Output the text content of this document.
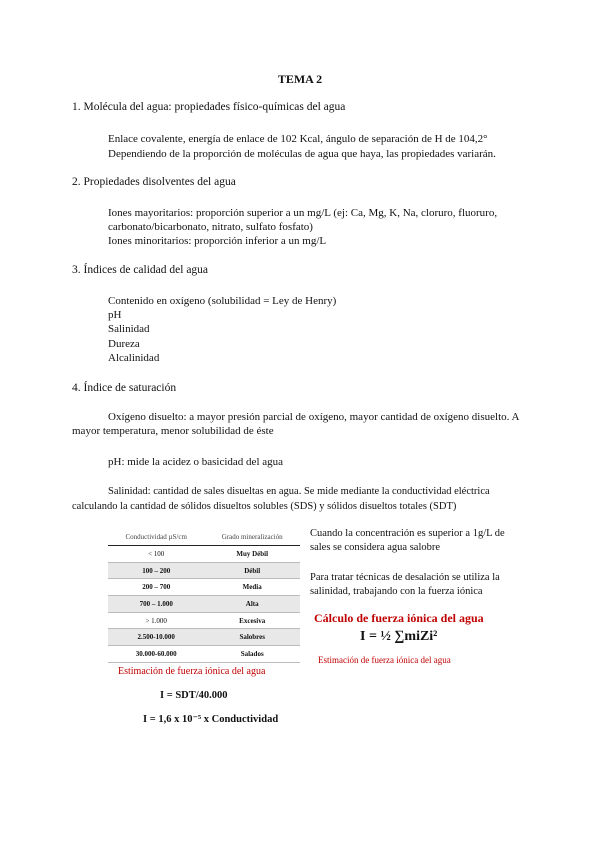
TEMA 2
1. Molécula del agua: propiedades físico-químicas del agua
Enlace covalente, energía de enlace de 102 Kcal, ángulo de separación de H de 104,2°
Dependiendo de la proporción de moléculas de agua que haya, las propiedades variarán.
2. Propiedades disolventes del agua
Iones mayoritarios: proporción superior a un mg/L (ej: Ca, Mg, K, Na, cloruro, fluoruro,
carbonato/bicarbonato, nitrato, sulfato fosfato)
Iones minoritarios: proporción inferior a un mg/L
3. Índices de calidad del agua
Contenido en oxígeno (solubilidad = Ley de Henry)
pH
Salinidad
Dureza
Alcalinidad
4. Índice de saturación
Oxígeno disuelto: a mayor presión parcial de oxígeno, mayor cantidad de oxígeno disuelto. A mayor temperatura, menor solubilidad de éste
pH: mide la acidez o basicidad del agua
Salinidad: cantidad de sales disueltas en agua. Se mide mediante la conductividad eléctrica calculando la cantidad de sólidos disueltos solubles (SDS) y sólidos disueltos totales (SDT)
Conductividad µS/cm	Grado mineralización
< 100	Muy Débil
100 – 200	Débil
200 – 700	Media
700 – 1.000	Alta
> 1.000	Excesiva
2.500-10.000	Salobres
30.000-60.000	Salados
Cuando la concentración es superior a 1g/L de sales se considera agua salobre
Para tratar técnicas de desalación se utiliza la salinidad, trabajando con la fuerza iónica
Cálculo de fuerza iónica del agua
I = ½ ∑miZi²
Estimación de fuerza iónica del agua
Estimación de fuerza iónica del agua
I = SDT/40.000
I = 1,6 x 10⁻⁵ x Conductividad
